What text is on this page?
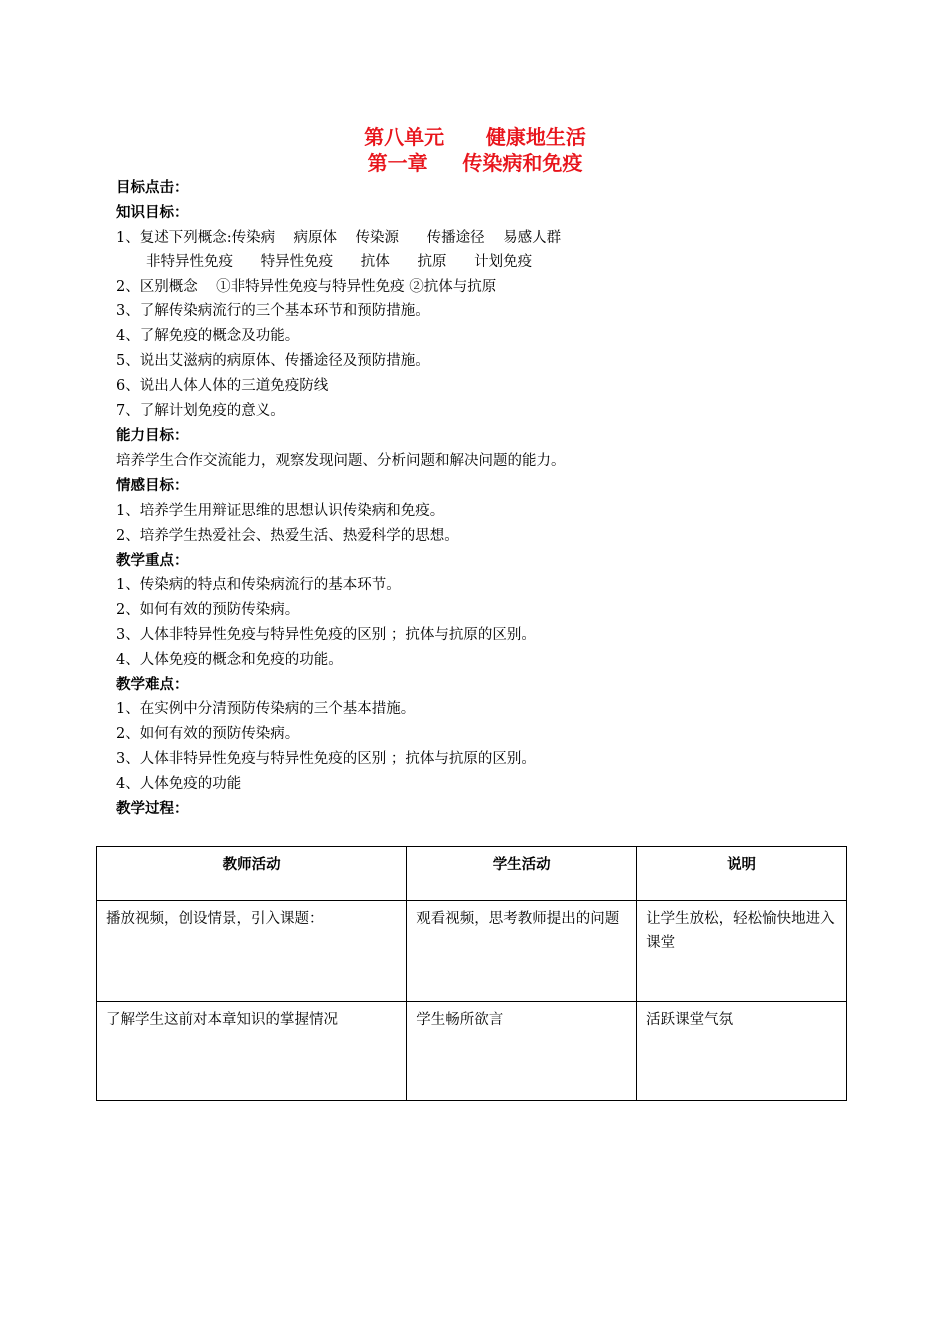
第八单元      健康地生活
第一章     传染病和免疫
目标点击：
知识目标：
1、复述下列概念:传染病    病原体    传染源      传播途径    易感人群
非特异性免疫      特异性免疫      抗体      抗原      计划免疫
2、区别概念    ①非特异性免疫与特异性免疫 ②抗体与抗原
3、了解传染病流行的三个基本环节和预防措施。
4、了解免疫的概念及功能。
5、说出艾滋病的病原体、传播途径及预防措施。
6、说出人体人体的三道免疫防线
7、了解计划免疫的意义。
能力目标：
培养学生合作交流能力，观察发现问题、分析问题和解决问题的能力。
情感目标：
1、培养学生用辩证思维的思想认识传染病和免疫。
2、培养学生热爱社会、热爱生活、热爱科学的思想。
教学重点：
1、传染病的特点和传染病流行的基本环节。
2、如何有效的预防传染病。
3、人体非特异性免疫与特异性免疫的区别 ；抗体与抗原的区别。
4、人体免疫的概念和免疫的功能。
教学难点：
1、在实例中分清预防传染病的三个基本措施。
2、如何有效的预防传染病。
3、人体非特异性免疫与特异性免疫的区别 ；抗体与抗原的区别。
4、人体免疫的功能
教学过程：
教师活动	学生活动	说明
播放视频，创设情景，引入课题：	观看视频，思考教师提出的问题	让学生放松，轻松愉快地进入课堂
了解学生这前对本章知识的掌握情况	学生畅所欲言	活跃课堂气氛
